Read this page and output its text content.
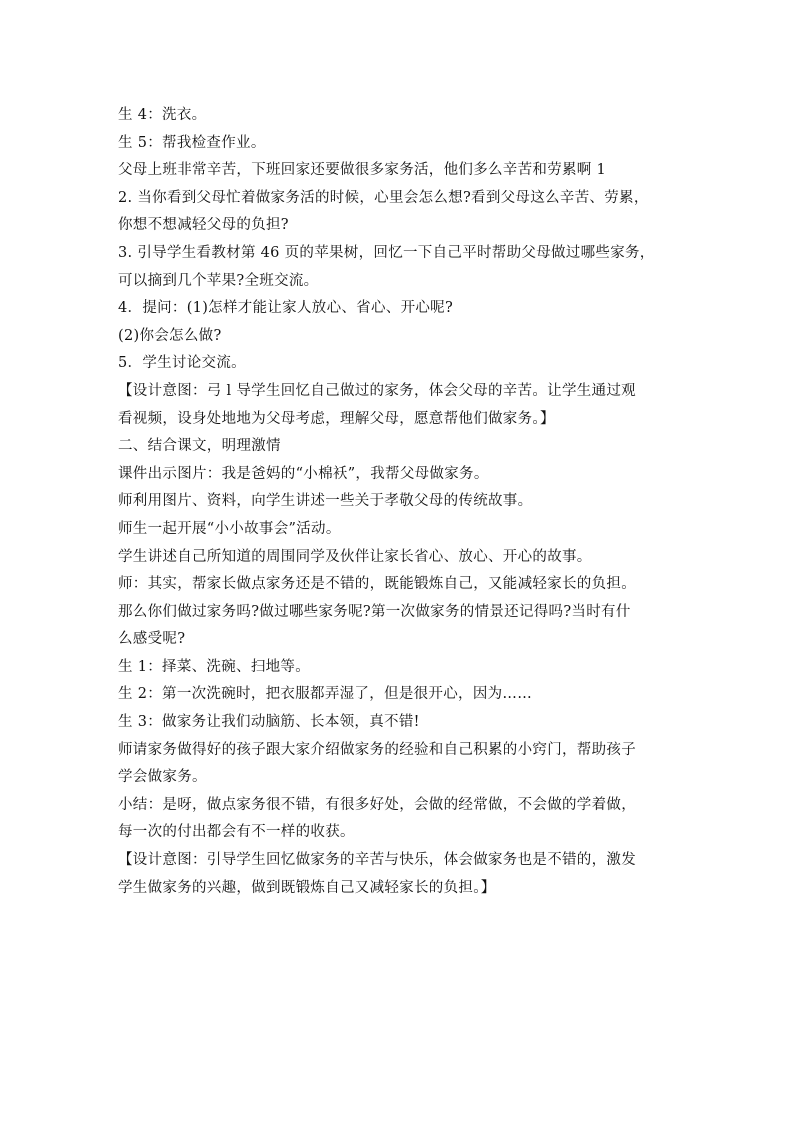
生 4：洗衣。
生 5：帮我检查作业。
父母上班非常辛苦，下班回家还要做很多家务活，他们多么辛苦和劳累啊 1
2. 当你看到父母忙着做家务活的时候，心里会怎么想?看到父母这么辛苦、劳累，
你想不想减轻父母的负担?
3. 引导学生看教材第 46 页的苹果树，回忆一下自己平时帮助父母做过哪些家务，
可以摘到几个苹果?全班交流。
4．提问：(1)怎样才能让家人放心、省心、开心呢?
(2)你会怎么做?
5．学生讨论交流。
【设计意图：弓 l 导学生回忆自己做过的家务，体会父母的辛苦。让学生通过观
看视频，设身处地地为父母考虑，理解父母，愿意帮他们做家务。】
二、结合课文，明理激情
课件出示图片：我是爸妈的“小棉袄”，我帮父母做家务。
师利用图片、资料，向学生讲述一些关于孝敬父母的传统故事。
师生一起开展“小小故事会”活动。
学生讲述自己所知道的周围同学及伙伴让家长省心、放心、开心的故事。
师：其实，帮家长做点家务还是不错的，既能锻炼自己，又能减轻家长的负担。
那么你们做过家务吗?做过哪些家务呢?第一次做家务的情景还记得吗?当时有什
么感受呢?
生 1：择菜、洗碗、扫地等。
生 2：第一次洗碗时，把衣服都弄湿了，但是很开心，因为……
生 3：做家务让我们动脑筋、长本领，真不错!
师请家务做得好的孩子跟大家介绍做家务的经验和自己积累的小窍门，帮助孩子
学会做家务。
小结：是呀，做点家务很不错，有很多好处，会做的经常做，不会做的学着做，
每一次的付出都会有不一样的收获。
【设计意图：引导学生回忆做家务的辛苦与快乐，体会做家务也是不错的，激发
学生做家务的兴趣，做到既锻炼自己又减轻家长的负担。】
